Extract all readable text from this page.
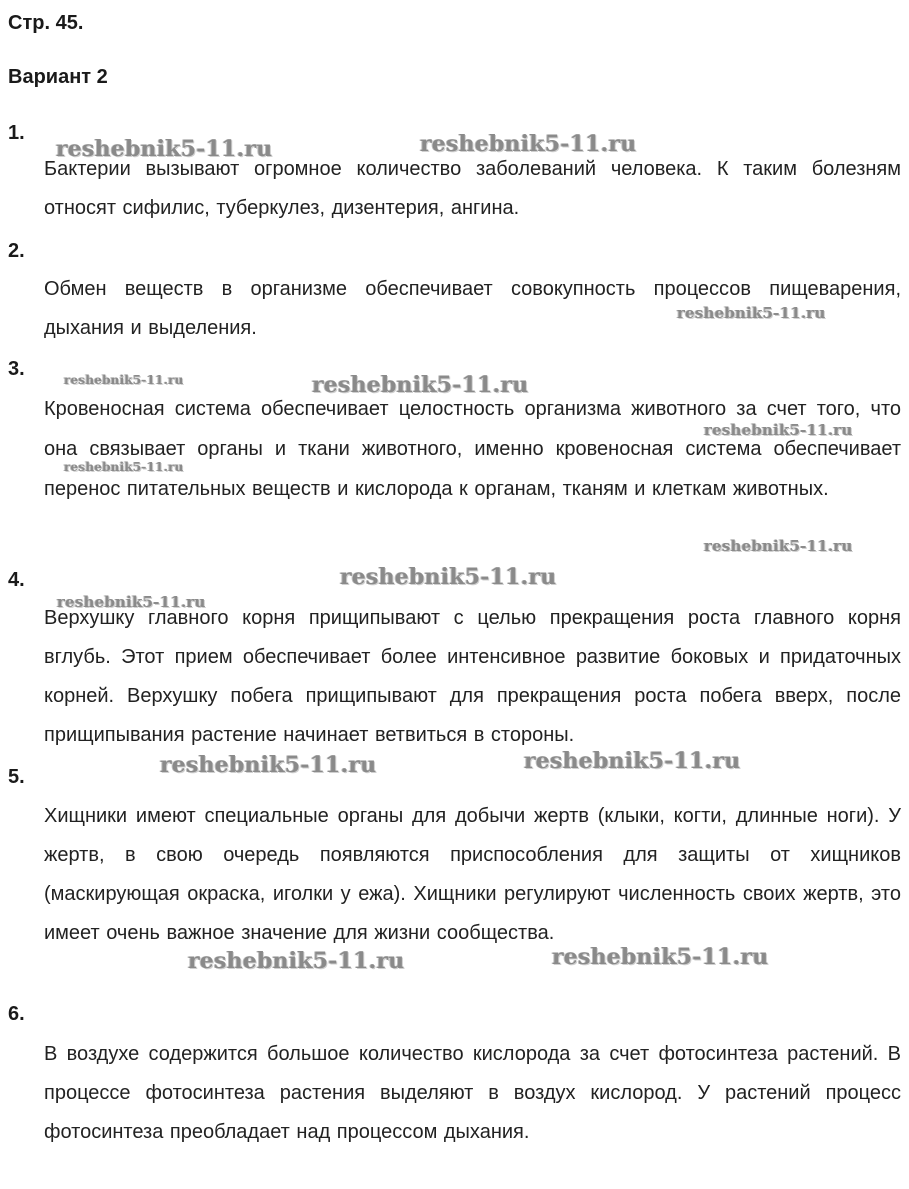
Стр. 45.
Вариант 2
1.
Бактерии вызывают огромное количество заболеваний человека. К таким болезням относят сифилис, туберкулез, дизентерия, ангина.
2.
Обмен веществ в организме обеспечивает совокупность процессов пищеварения, дыхания и выделения.
3.
Кровеносная система обеспечивает целостность организма животного за счет того, что она связывает органы и ткани животного, именно кровеносная система обеспечивает перенос питательных веществ и кислорода к органам, тканям и клеткам животных.
4.
Верхушку главного корня прищипывают с целью прекращения роста главного корня вглубь. Этот прием обеспечивает более интенсивное развитие боковых и придаточных корней. Верхушку побега прищипывают для прекращения роста побега вверх, после прищипывания растение начинает ветвиться в стороны.
5.
Хищники имеют специальные органы для добычи жертв (клыки, когти, длинные ноги). У жертв, в свою очередь появляются приспособления для защиты от хищников (маскирующая окраска, иголки у ежа). Хищники регулируют численность своих жертв, это имеет очень важное значение для жизни сообщества.
6.
В воздухе содержится большое количество кислорода за счет фотосинтеза растений. В процессе фотосинтеза растения выделяют в воздух кислород. У растений процесс фотосинтеза преобладает над процессом дыхания.
reshebnik5-11.ru	reshebnik5-11.ru
reshebnik5-11.ru
reshebnik5-11.ru	reshebnik5-11.ru
reshebnik5-11.ru
reshebnik5-11.ru
reshebnik5-11.ru
reshebnik5-11.ru
reshebnik5-11.ru
reshebnik5-11.ru	reshebnik5-11.ru
reshebnik5-11.ru	reshebnik5-11.ru
